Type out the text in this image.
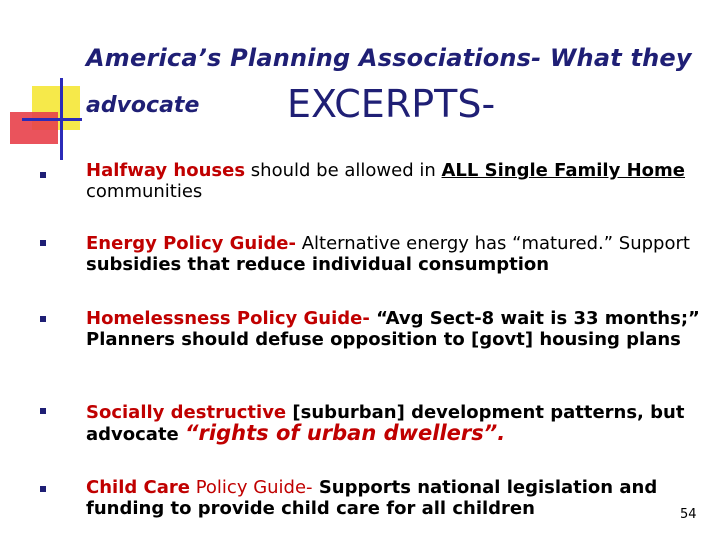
America’s Planning Associations- What they
advocate EXCERPTS-
Halfway houses should be allowed in ALL Single Family Home communities
Energy Policy Guide- Alternative energy has “matured.” Support subsidies that reduce individual consumption
Homelessness Policy Guide- “Avg Sect-8 wait is 33 months;” Planners should defuse opposition to [govt] housing plans
Socially destructive [suburban] development patterns, but advocate “rights of urban dwellers”.
Child Care Policy Guide- Supports national legislation and funding to provide child care for all children	54
